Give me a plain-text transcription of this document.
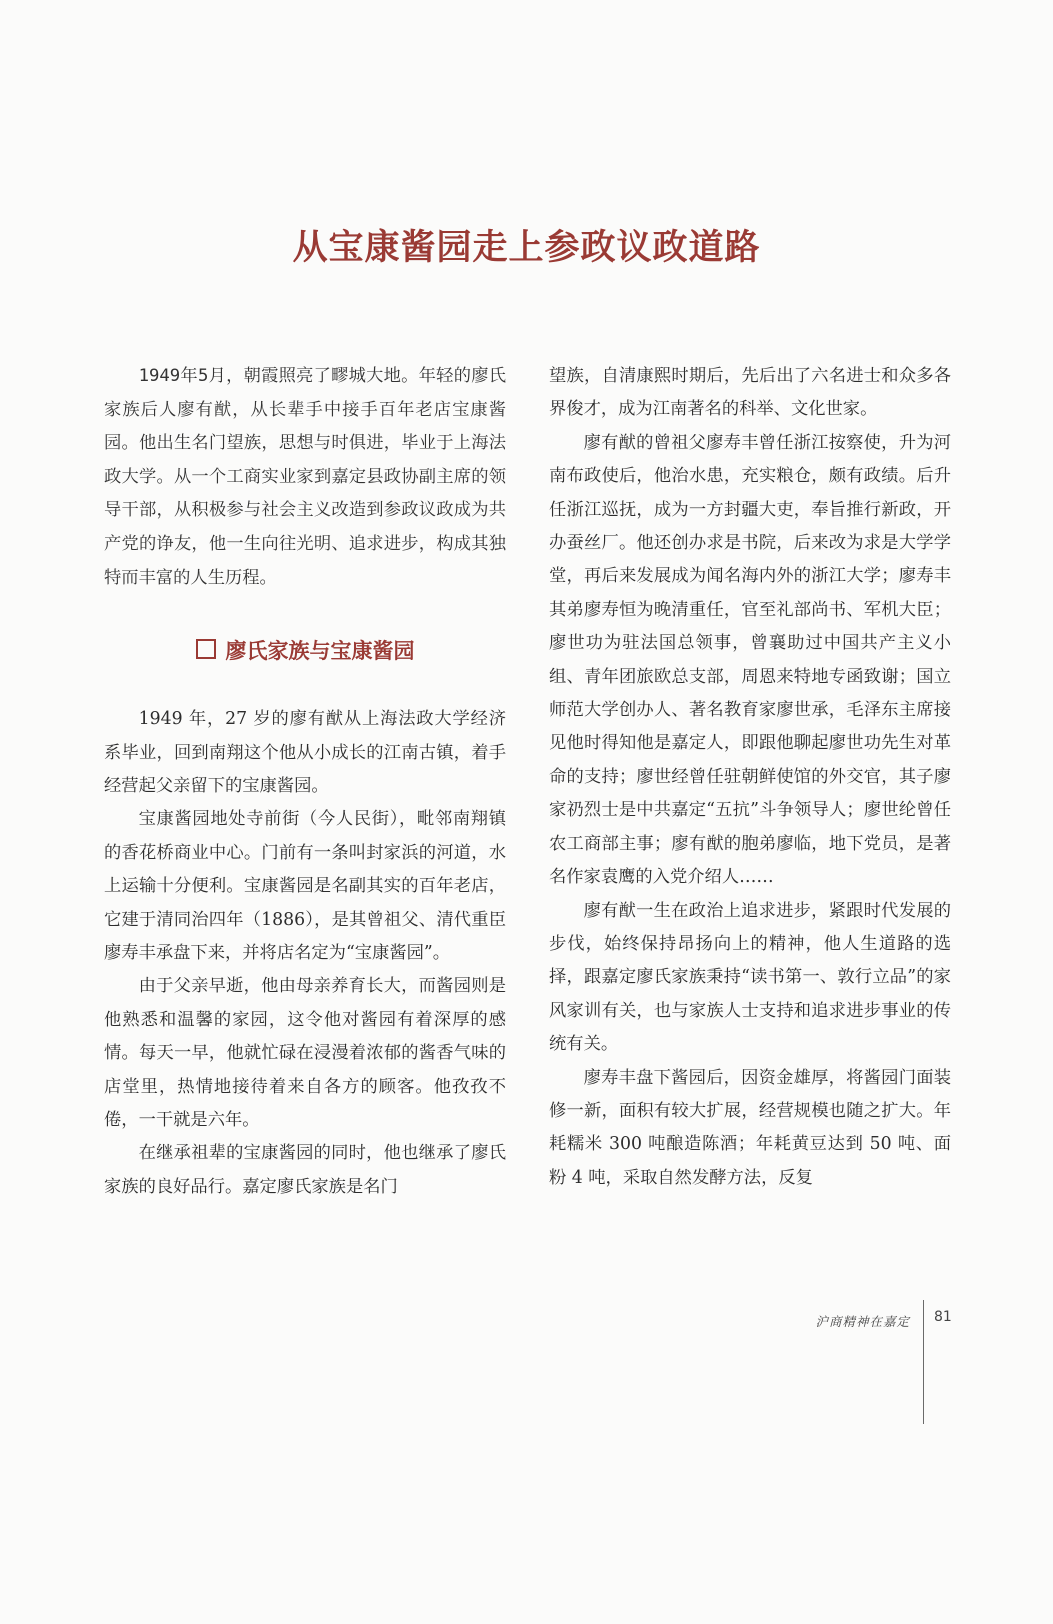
从宝康酱园走上参政议政道路

1949年5月，朝霞照亮了疁城大地。年轻的廖氏家族后人廖有猷，从长辈手中接手百年老店宝康酱园。他出生名门望族，思想与时俱进，毕业于上海法政大学。从一个工商实业家到嘉定县政协副主席的领导干部，从积极参与社会主义改造到参政议政成为共产党的诤友，他一生向往光明、追求进步，构成其独特而丰富的人生历程。

廖氏家族与宝康酱园

1949 年，27 岁的廖有猷从上海法政大学经济系毕业，回到南翔这个他从小成长的江南古镇，着手经营起父亲留下的宝康酱园。

宝康酱园地处寺前街（今人民街），毗邻南翔镇的香花桥商业中心。门前有一条叫封家浜的河道，水上运输十分便利。宝康酱园是名副其实的百年老店，它建于清同治四年（1886），是其曾祖父、清代重臣廖寿丰承盘下来，并将店名定为“宝康酱园”。

由于父亲早逝，他由母亲养育长大，而酱园则是他熟悉和温馨的家园，这令他对酱园有着深厚的感情。每天一早，他就忙碌在浸漫着浓郁的酱香气味的店堂里，热情地接待着来自各方的顾客。他孜孜不倦，一干就是六年。

在继承祖辈的宝康酱园的同时，他也继承了廖氏家族的良好品行。嘉定廖氏家族是名门

望族，自清康熙时期后，先后出了六名进士和众多各界俊才，成为江南著名的科举、文化世家。

廖有猷的曾祖父廖寿丰曾任浙江按察使，升为河南布政使后，他治水患，充实粮仓，颇有政绩。后升任浙江巡抚，成为一方封疆大吏，奉旨推行新政，开办蚕丝厂。他还创办求是书院，后来改为求是大学学堂，再后来发展成为闻名海内外的浙江大学；廖寿丰其弟廖寿恒为晚清重任，官至礼部尚书、军机大臣；廖世功为驻法国总领事，曾襄助过中国共产主义小组、青年团旅欧总支部，周恩来特地专函致谢；国立师范大学创办人、著名教育家廖世承，毛泽东主席接见他时得知他是嘉定人，即跟他聊起廖世功先生对革命的支持；廖世经曾任驻朝鲜使馆的外交官，其子廖家礽烈士是中共嘉定“五抗”斗争领导人；廖世纶曾任农工商部主事；廖有猷的胞弟廖临，地下党员，是著名作家袁鹰的入党介绍人……

廖有猷一生在政治上追求进步，紧跟时代发展的步伐，始终保持昂扬向上的精神，他人生道路的选择，跟嘉定廖氏家族秉持“读书第一、敦行立品”的家风家训有关，也与家族人士支持和追求进步事业的传统有关。

廖寿丰盘下酱园后，因资金雄厚，将酱园门面装修一新，面积有较大扩展，经营规模也随之扩大。年耗糯米 300 吨酿造陈酒；年耗黄豆达到 50 吨、面粉 4 吨，采取自然发酵方法，反复

沪商精神在嘉定 81
